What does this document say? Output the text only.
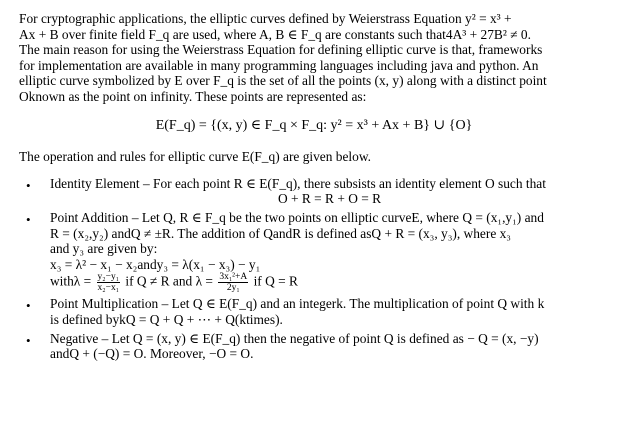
For cryptographic applications, the elliptic curves defined by Weierstrass Equation y² = x³ +
Ax + B over finite field F_q are used, where A, B ∈ F_q are constants such that4A³ + 27B² ≠ 0.
The main reason for using the Weierstrass Equation for defining elliptic curve is that, frameworks
for implementation are available in many programming languages including java and python. An
elliptic curve symbolized by E over F_q is the set of all the points (x, y) along with a distinct point
Oknown as the point on infinity. These points are represented as:

E(F_q) = {(x, y) ∈ F_q × F_q: y² = x³ + Ax + B} ∪ {O}

The operation and rules for elliptic curve E(F_q) are given below.

• Identity Element – For each point R ∈ E(F_q), there subsists an identity element O such that
O + R = R + O = R
• Point Addition – Let Q, R ∈ F_q be the two points on elliptic curveE, where Q = (x₁,y₁) and
R = (x₂,y₂) andQ ≠ ±R. The addition of QandR is defined asQ + R = (x₃, y₃), where x₃
and y₃ are given by:
x₃ = λ² − x₁ − x₂andy₃ = λ(x₁ − x₃) − y₁
withλ = $\frac{\text{y₂−y₁}}{\text{x₂−x₁}}$ if Q ≠ R and $\lambda = \frac{\text{3x₁²+A}}{\text{2y₁}}$ if Q = R
• Point Multiplication – Let Q ∈ E(F_q) and an integerk. The multiplication of point Q with k
is defined bykQ = Q + Q + ⋯ + Q(ktimes).
• Negative – Let Q = (x, y) ∈ E(F_q) then the negative of point Q is defined as − Q = (x, −y)
andQ + (−Q) = O. Moreover, −O = O.
